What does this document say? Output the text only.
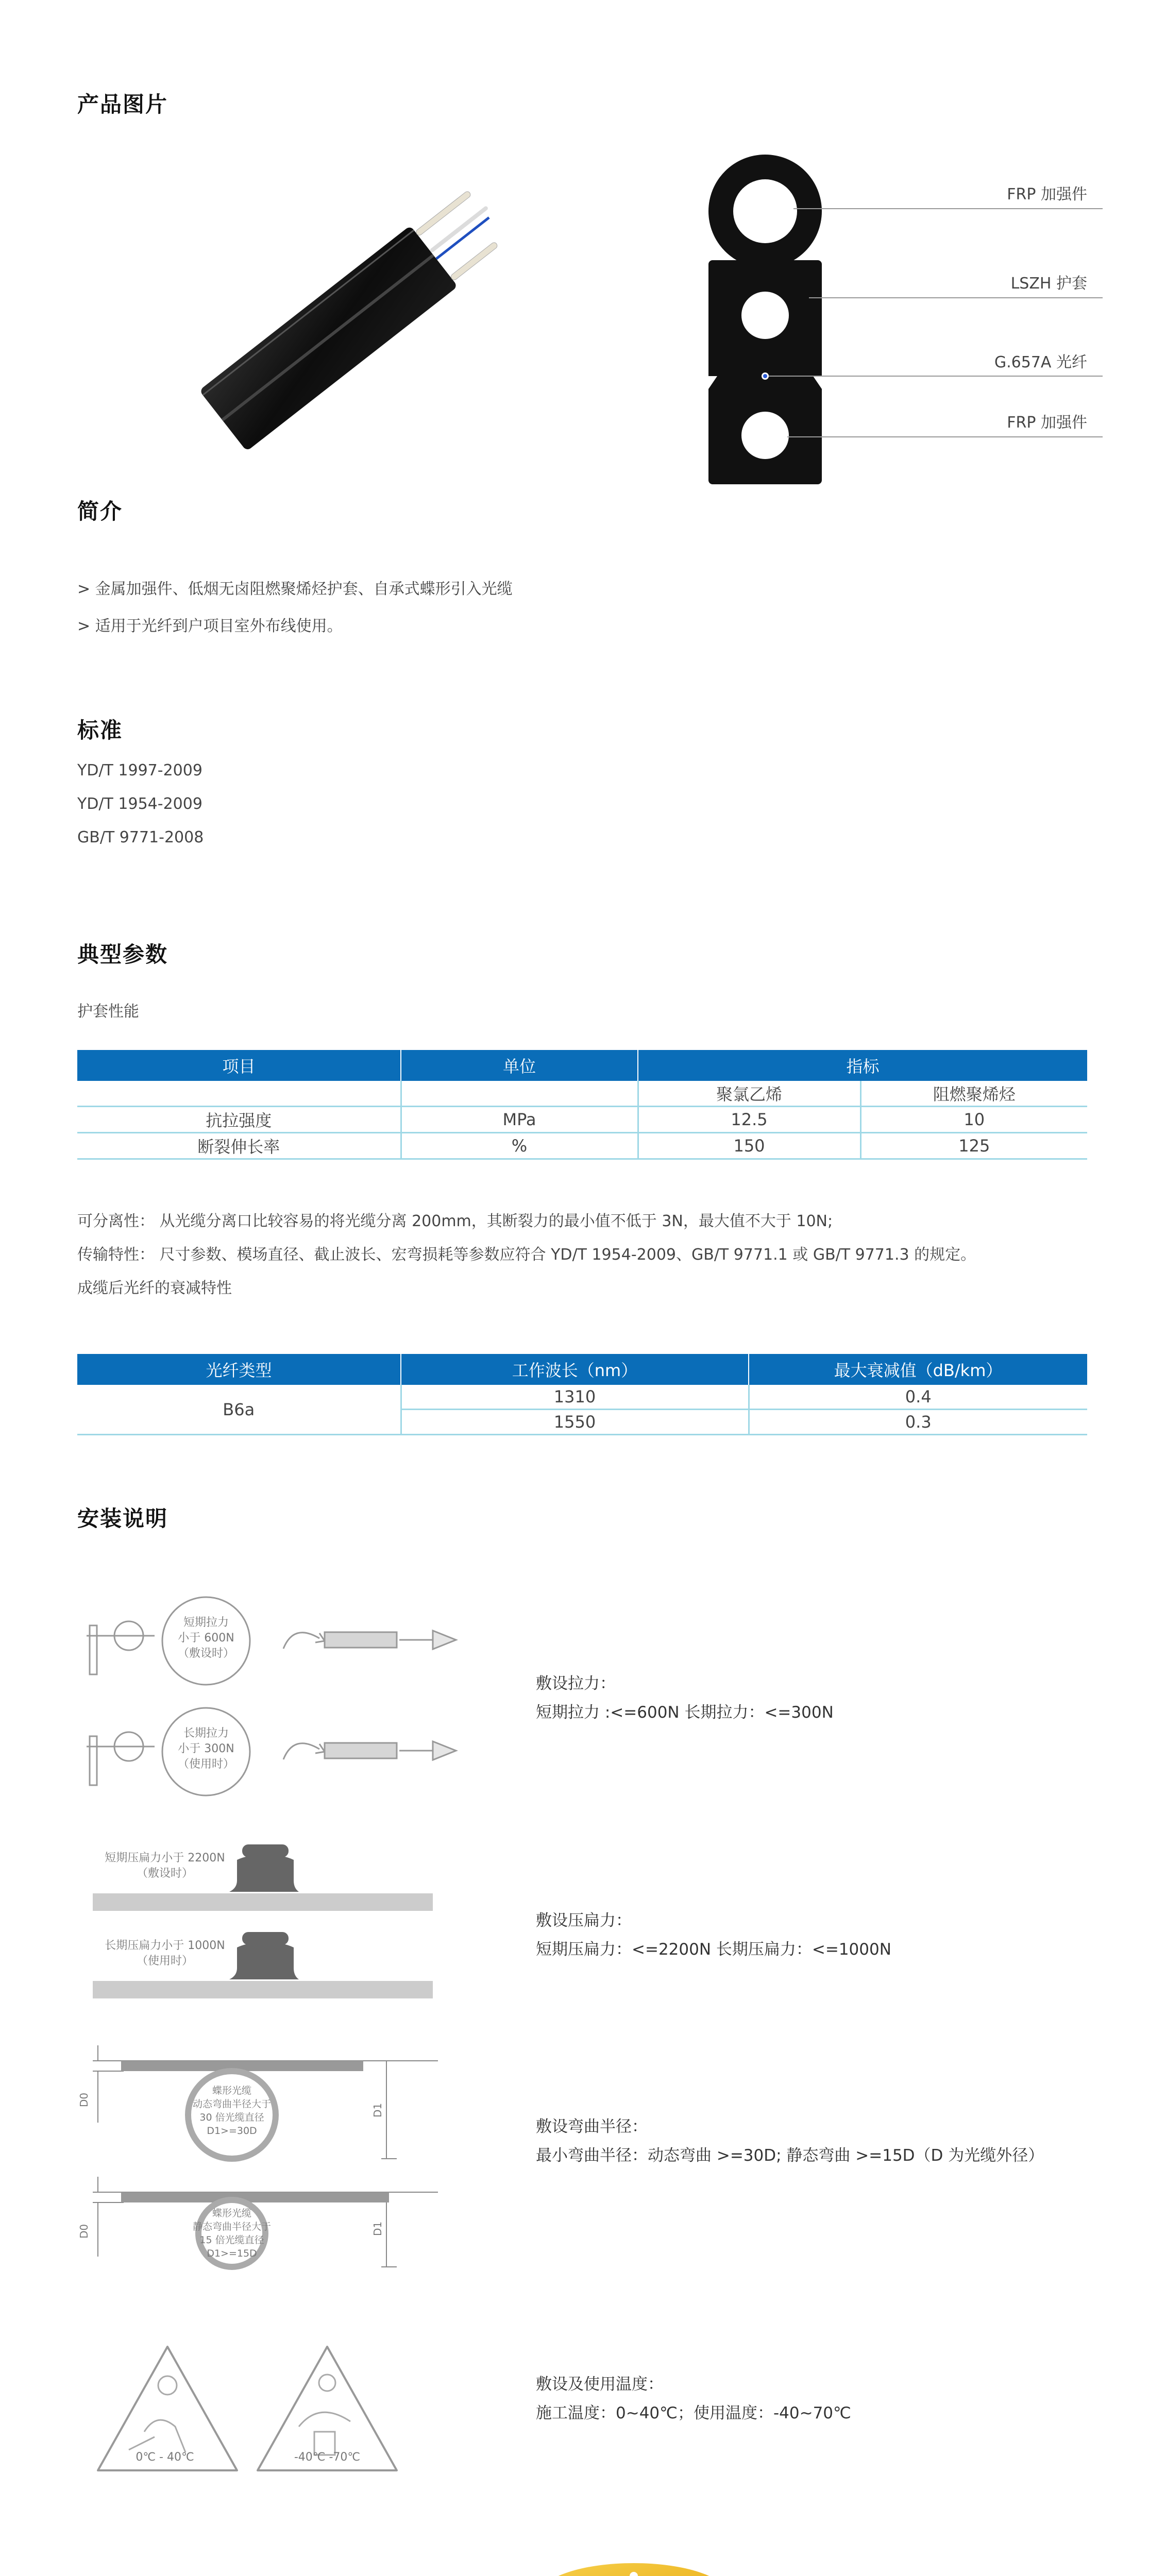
产品图片
FRP 加强件
LSZH 护套
G.657A 光纤
FRP 加强件
简介
> 金属加强件、低烟无卤阻燃聚烯烃护套、自承式蝶形引入光缆
> 适用于光纤到户项目室外布线使用。
标准
YD/T 1997-2009
YD/T 1954-2009
GB/T 9771-2008
典型参数
护套性能
项目	单位	指标	
		聚氯乙烯	阻燃聚烯烃
抗拉强度	MPa	12.5	10
断裂伸长率	%	150	125
可分离性： 从光缆分离口比较容易的将光缆分离 200mm，其断裂力的最小值不低于 3N，最大值不大于 10N;
传输特性： 尺寸参数、模场直径、截止波长、宏弯损耗等参数应符合 YD/T 1954-2009、GB/T 9771.1 或 GB/T 9771.3 的规定。
成缆后光纤的衰减特性
光纤类型	工作波长（nm）	最大衰减值（dB/km）
B6a	1310	0.4
	1550	0.3
安装说明
短期拉力
小于 600N
（敷设时）
长期拉力
小于 300N
（使用时）
敷设拉力：
短期拉力 :<=600N 长期拉力：<=300N
短期压扁力小于 2200N
（敷设时）
长期压扁力小于 1000N
（使用时）
敷设压扁力：
短期压扁力：<=2200N 长期压扁力：<=1000N
D0
D1
D0	D1
蝶形光缆
动态弯曲半径大于
30 倍光缆直径
D1>=30D
蝶形光缆
静态弯曲半径大于
15 倍光缆直径
D1>=15D
敷设弯曲半径：
最小弯曲半径：动态弯曲 >=30D; 静态弯曲 >=15D（D 为光缆外径）
0℃ - 40℃	-40℃ -70℃
敷设及使用温度：
施工温度：0~40℃；使用温度：-40~70℃
